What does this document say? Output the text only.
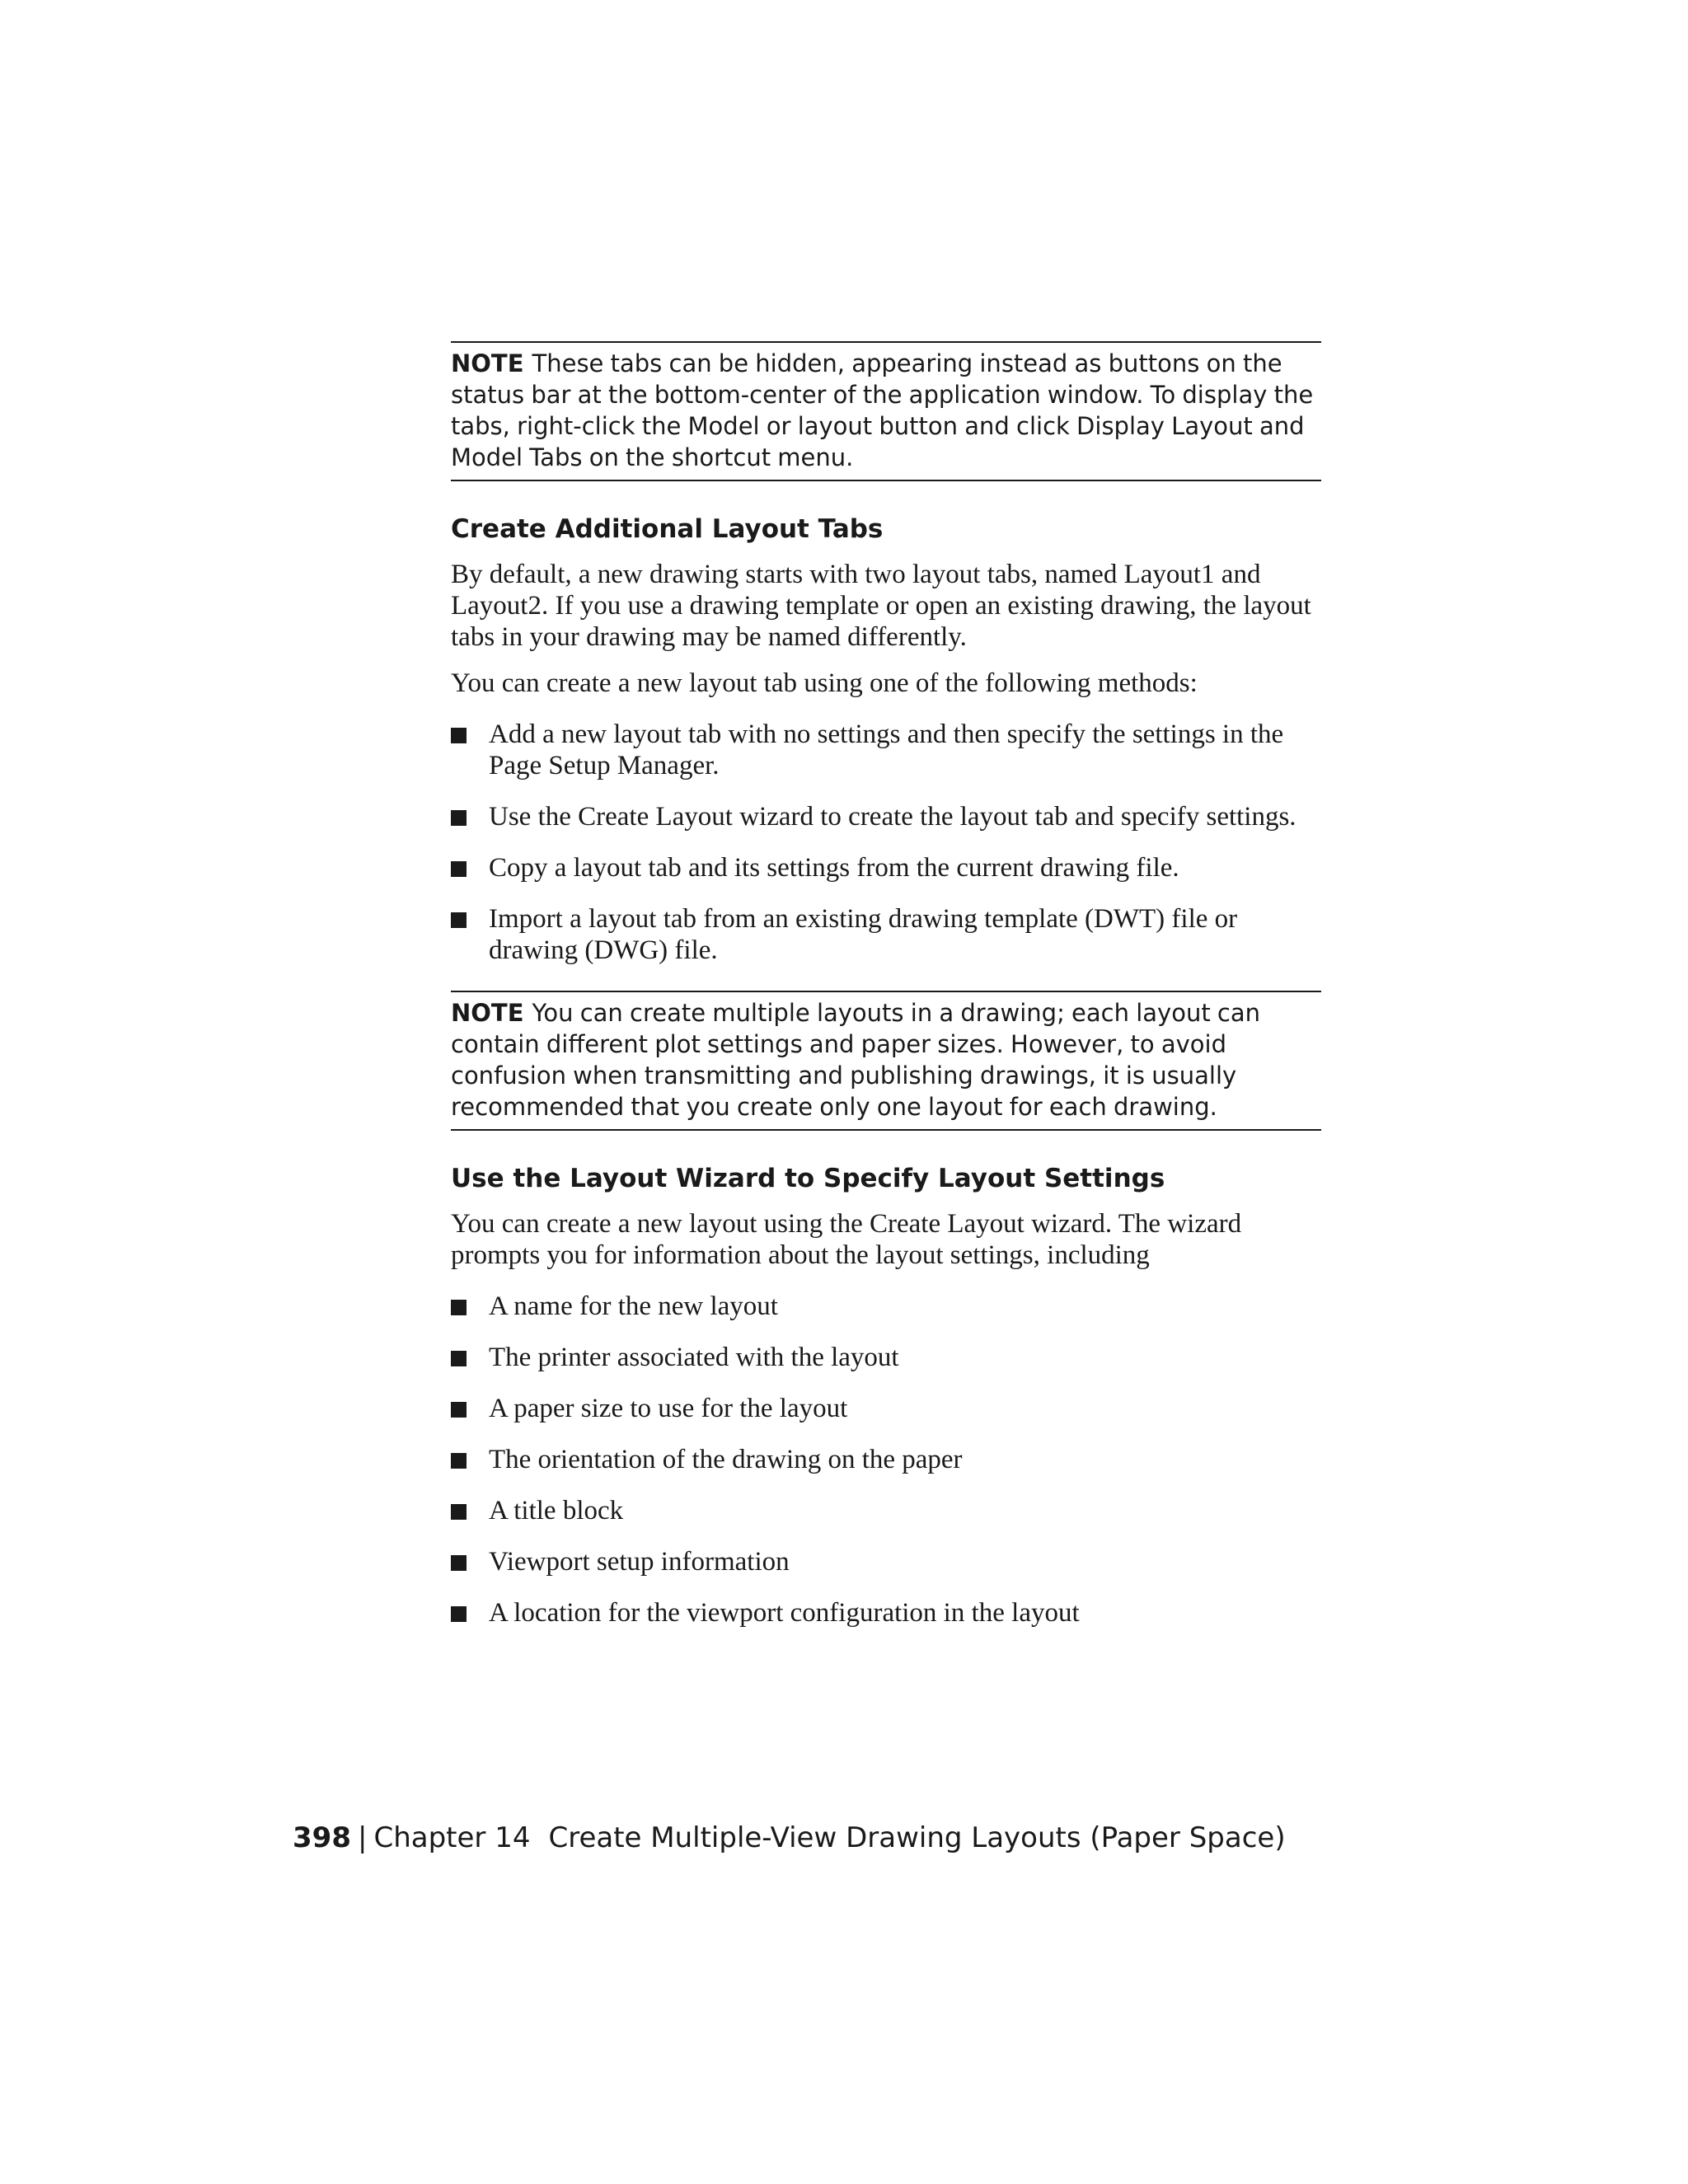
NOTE These tabs can be hidden, appearing instead as buttons on the status bar at the bottom-center of the application window. To display the tabs, right-click the Model or layout button and click Display Layout and Model Tabs on the shortcut menu.
Create Additional Layout Tabs

By default, a new drawing starts with two layout tabs, named Layout1 and Layout2. If you use a drawing template or open an existing drawing, the layout tabs in your drawing may be named differently.

You can create a new layout tab using one of the following methods:

Add a new layout tab with no settings and then specify the settings in the Page Setup Manager.
Use the Create Layout wizard to create the layout tab and specify settings.
Copy a layout tab and its settings from the current drawing file.
Import a layout tab from an existing drawing template (DWT) file or drawing (DWG) file.
NOTE You can create multiple layouts in a drawing; each layout can contain different plot settings and paper sizes. However, to avoid confusion when transmitting and publishing drawings, it is usually recommended that you create only one layout for each drawing.
Use the Layout Wizard to Specify Layout Settings

You can create a new layout using the Create Layout wizard. The wizard prompts you for information about the layout settings, including

A name for the new layout
The printer associated with the layout
A paper size to use for the layout
The orientation of the drawing on the paper
A title block
Viewport setup information
A location for the viewport configuration in the layout
398 | Chapter 14 Create Multiple-View Drawing Layouts (Paper Space)
